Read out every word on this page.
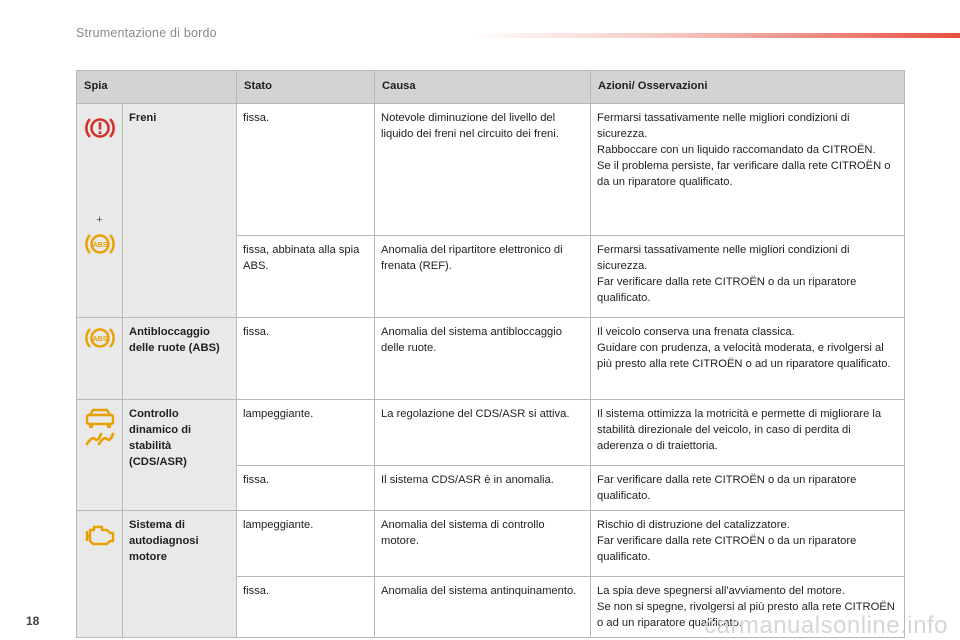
Strumentazione di bordo
Spia		Stato	Causa	Azioni/ Osservazioni

+
ABS	Freni	fissa.	Notevole diminuzione del livello del liquido dei freni nel circuito dei freni.	Fermarsi tassativamente nelle migliori condizioni di sicurezza.
Rabboccare con un liquido raccomandato da CITROËN.
Se il problema persiste, far verificare dalla rete CITROËN o da un riparatore qualificato.
		fissa, abbinata alla spia ABS.	Anomalia del ripartitore elettronico di frenata (REF).	Fermarsi tassativamente nelle migliori condizioni di sicurezza.
Far verificare dalla rete CITROËN o da un riparatore qualificato.

ABS	Antibloccaggio delle ruote (ABS)	fissa.	Anomalia del sistema antibloccaggio delle ruote.	Il veicolo conserva una frenata classica.
Guidare con prudenza, a velocità moderata, e rivolgersi al più presto alla rete CITROËN o ad un riparatore qualificato.

	Controllo dinamico di stabilità (CDS/ASR)	lampeggiante.	La regolazione del CDS/ASR si attiva.	Il sistema ottimizza la motricità e permette di migliorare la stabilità direzionale del veicolo, in caso di perdita di aderenza o di traiettoria.
		fissa.	Il sistema CDS/ASR è in anomalia.	Far verificare dalla rete CITROËN o da un riparatore qualificato.

	Sistema di autodiagnosi motore	lampeggiante.	Anomalia del sistema di controllo motore.	Rischio di distruzione del catalizzatore.
Far verificare dalla rete CITROËN o da un riparatore qualificato.
		fissa.	Anomalia del sistema antinquinamento.	La spia deve spegnersi all'avviamento del motore.
Se non si spegne, rivolgersi al più presto alla rete CITROËN o ad un riparatore qualificato.
18	carmanualsonline.info
